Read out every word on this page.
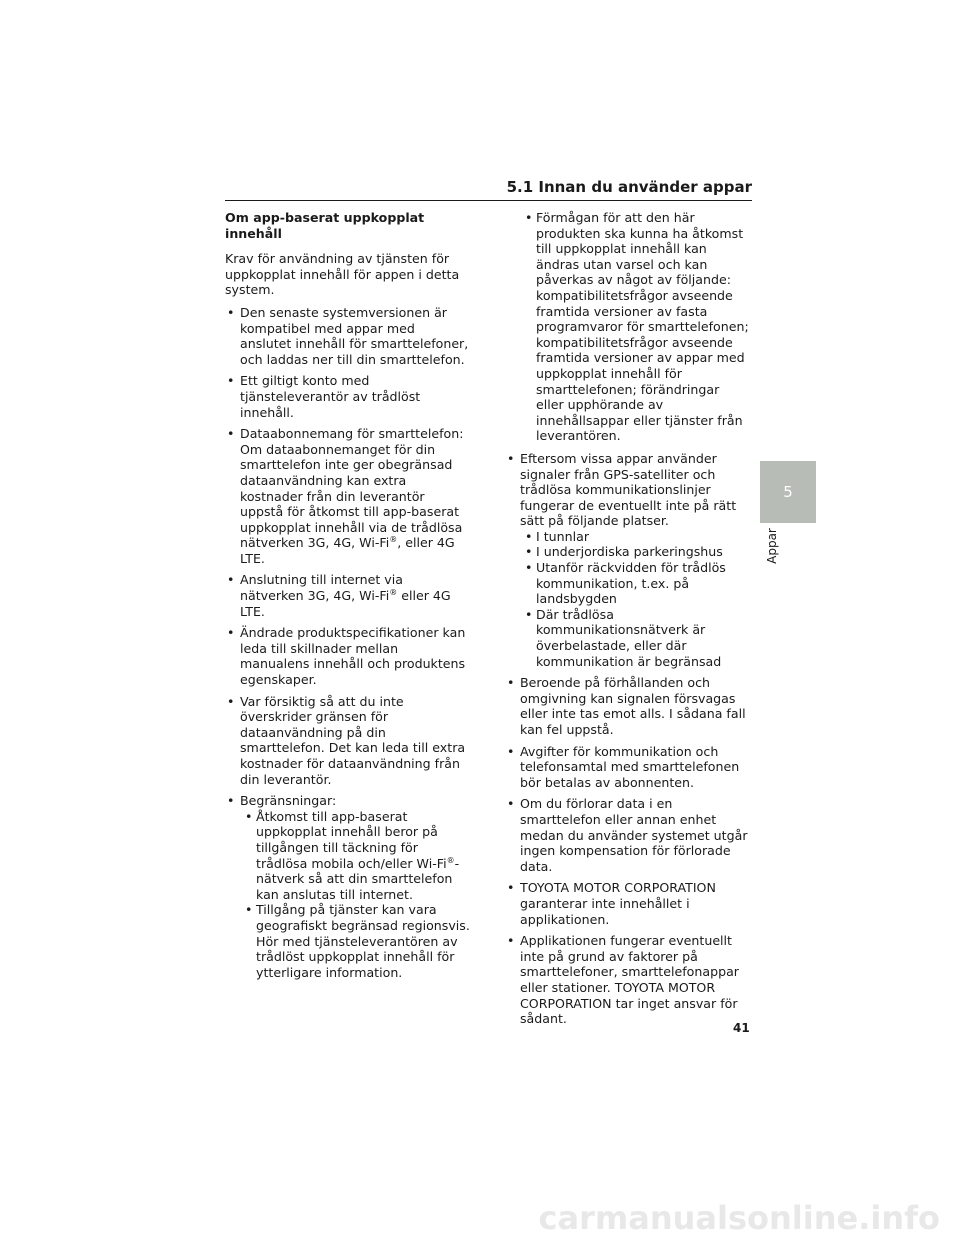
5.1 Innan du använder appar

Om app-baserat uppkopplat innehåll

Krav för användning av tjänsten för uppkopplat innehåll för appen i detta system.

• Den senaste systemversionen är kompatibel med appar med anslutet innehåll för smarttelefoner, och laddas ner till din smarttelefon.
• Ett giltigt konto med tjänsteleverantör av trådlöst innehåll.
• Dataabonnemang för smarttelefon: Om dataabonnemanget för din smarttelefon inte ger obegränsad dataanvändning kan extra kostnader från din leverantör uppstå för åtkomst till app-baserat uppkopplat innehåll via de trådlösa nätverken 3G, 4G, Wi-Fi®, eller 4G LTE.
• Anslutning till internet via nätverken 3G, 4G, Wi-Fi® eller 4G LTE.
• Ändrade produktspecifikationer kan leda till skillnader mellan manualens innehåll och produktens egenskaper.
• Var försiktig så att du inte överskrider gränsen för dataanvändning på din smarttelefon. Det kan leda till extra kostnader för dataanvändning från din leverantör.
• Begränsningar:
• Åtkomst till app-baserat uppkopplat innehåll beror på tillgången till täckning för trådlösa mobila och/eller Wi-Fi®-nätverk så att din smarttelefon kan anslutas till internet.
• Tillgång på tjänster kan vara geografiskt begränsad regionsvis. Hör med tjänsteleverantören av trådlöst uppkopplat innehåll för ytterligare information.

• Förmågan för att den här produkten ska kunna ha åtkomst till uppkopplat innehåll kan ändras utan varsel och kan påverkas av något av följande: kompatibilitetsfrågor avseende framtida versioner av fasta programvaror för smarttelefonen; kompatibilitetsfrågor avseende framtida versioner av appar med uppkopplat innehåll för smarttelefonen; förändringar eller upphörande av innehållsappar eller tjänster från leverantören.

• Eftersom vissa appar använder signaler från GPS-satelliter och trådlösa kommunikationslinjer fungerar de eventuellt inte på rätt sätt på följande platser.
• I tunnlar
• I underjordiska parkeringshus
• Utanför räckvidden för trådlös kommunikation, t.ex. på landsbygden
• Där trådlösa kommunikationsnätverk är överbelastade, eller där kommunikation är begränsad
• Beroende på förhållanden och omgivning kan signalen försvagas eller inte tas emot alls. I sådana fall kan fel uppstå.
• Avgifter för kommunikation och telefonsamtal med smarttelefonen bör betalas av abonnenten.
• Om du förlorar data i en smarttelefon eller annan enhet medan du använder systemet utgår ingen kompensation för förlorade data.
• TOYOTA MOTOR CORPORATION garanterar inte innehållet i applikationen.
• Applikationen fungerar eventuellt inte på grund av faktorer på smarttelefoner, smarttelefonappar eller stationer. TOYOTA MOTOR CORPORATION tar inget ansvar för sådant.
5
Appar
41
carmanualsonline.info
